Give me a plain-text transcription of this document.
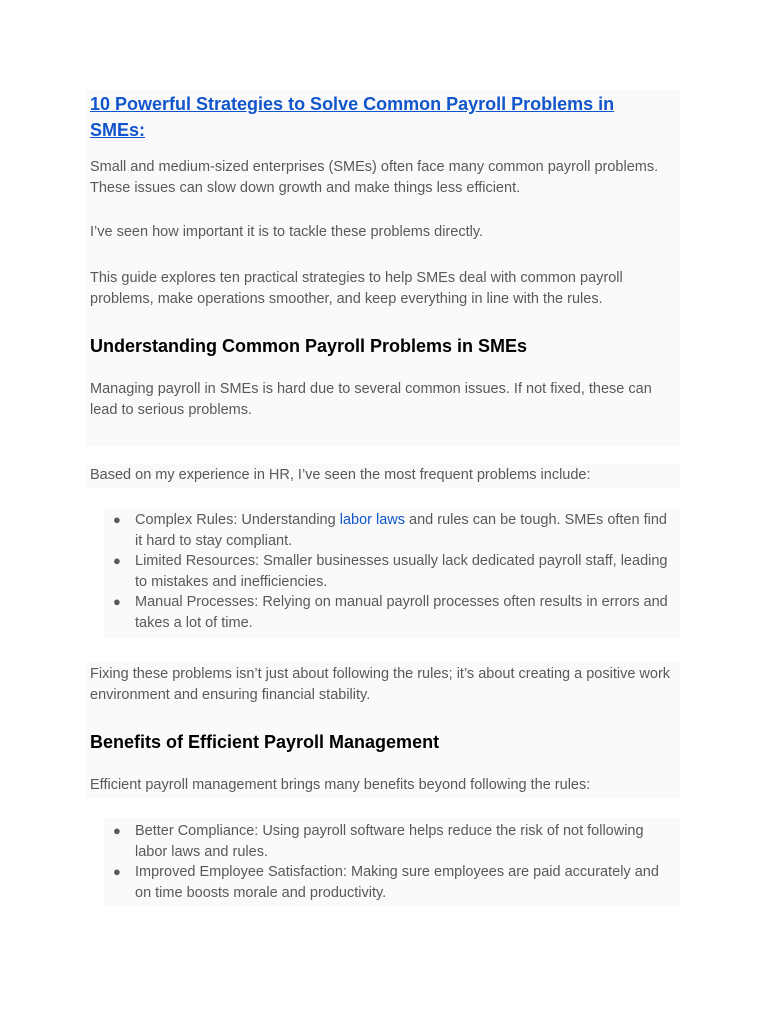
10 Powerful Strategies to Solve Common Payroll Problems in SMEs:

Small and medium-sized enterprises (SMEs) often face many common payroll problems. These issues can slow down growth and make things less efficient.

I’ve seen how important it is to tackle these problems directly.

This guide explores ten practical strategies to help SMEs deal with common payroll problems, make operations smoother, and keep everything in line with the rules.

Understanding Common Payroll Problems in SMEs

Managing payroll in SMEs is hard due to several common issues. If not fixed, these can lead to serious problems.

Based on my experience in HR, I’ve seen the most frequent problems include:

● Complex Rules: Understanding labor laws and rules can be tough. SMEs often find it hard to stay compliant.
● Limited Resources: Smaller businesses usually lack dedicated payroll staff, leading to mistakes and inefficiencies.
● Manual Processes: Relying on manual payroll processes often results in errors and takes a lot of time.

Fixing these problems isn’t just about following the rules; it’s about creating a positive work environment and ensuring financial stability.

Benefits of Efficient Payroll Management

Efficient payroll management brings many benefits beyond following the rules:

● Better Compliance: Using payroll software helps reduce the risk of not following labor laws and rules.
● Improved Employee Satisfaction: Making sure employees are paid accurately and on time boosts morale and productivity.
